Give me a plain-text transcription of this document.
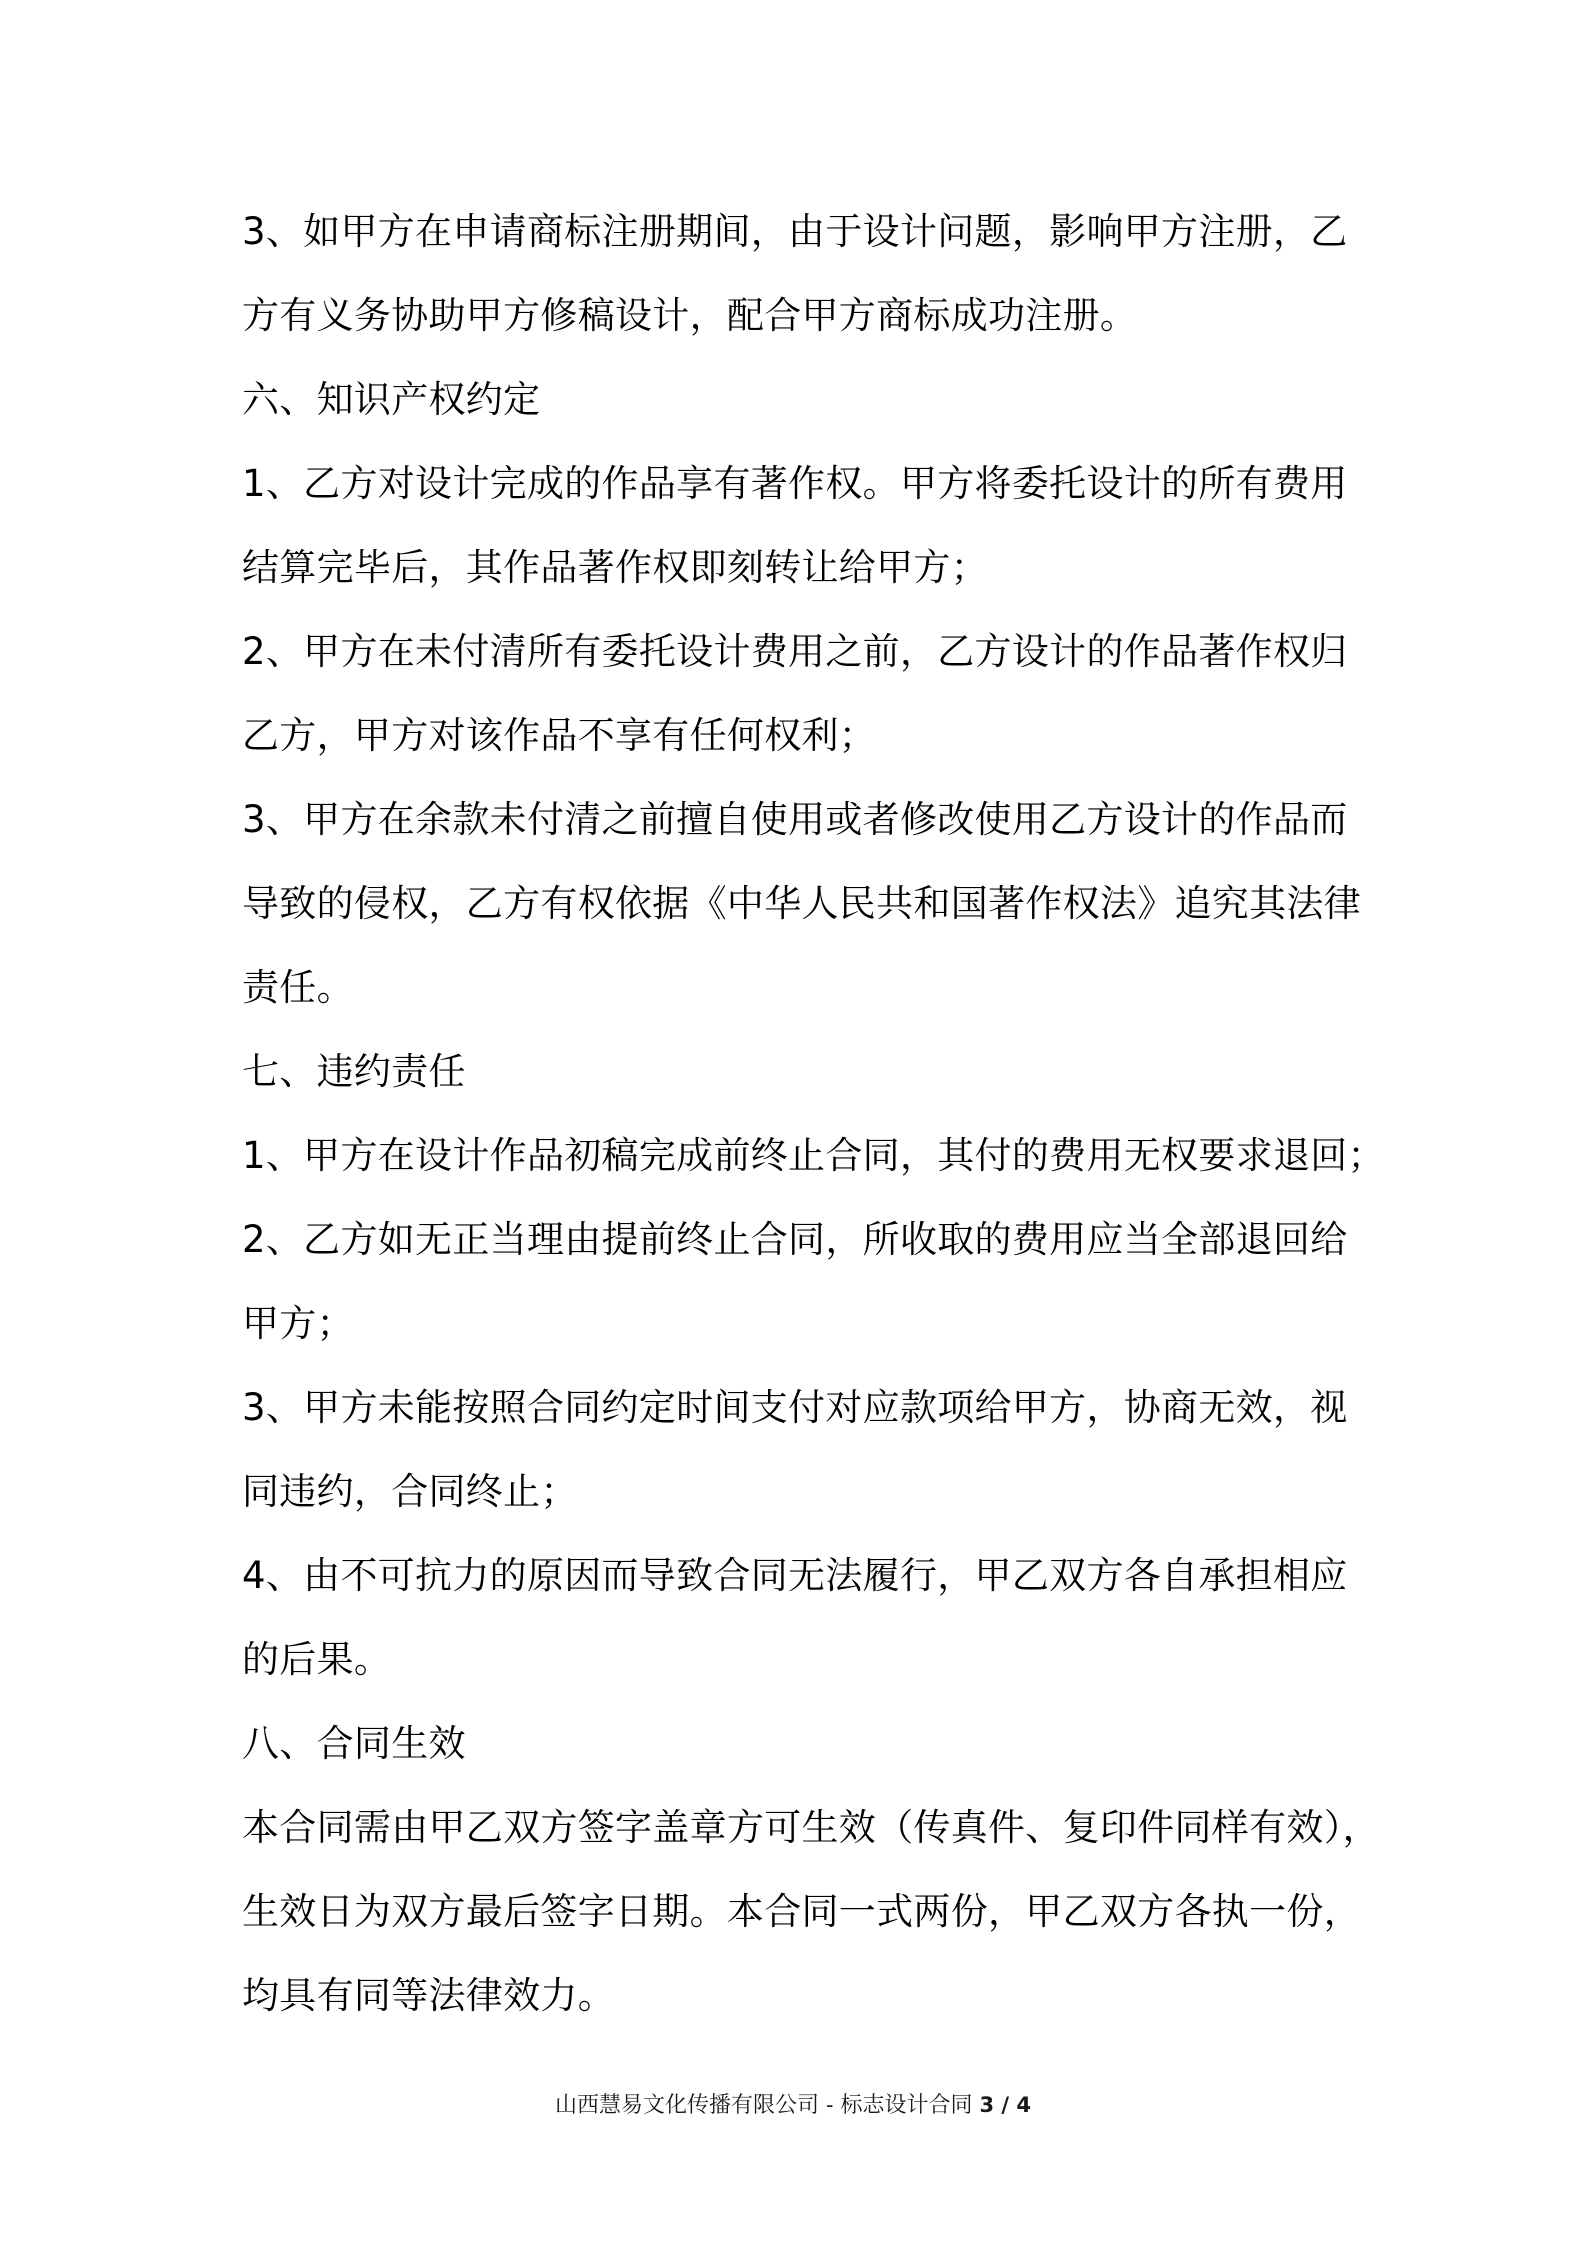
3、如甲方在申请商标注册期间，由于设计问题，影响甲方注册，乙
方有义务协助甲方修稿设计，配合甲方商标成功注册。
六、知识产权约定
1、乙方对设计完成的作品享有著作权。甲方将委托设计的所有费用
结算完毕后，其作品著作权即刻转让给甲方；
2、甲方在未付清所有委托设计费用之前，乙方设计的作品著作权归
乙方，甲方对该作品不享有任何权利；
3、甲方在余款未付清之前擅自使用或者修改使用乙方设计的作品而
导致的侵权，乙方有权依据《中华人民共和国著作权法》追究其法律
责任。
七、违约责任
1、甲方在设计作品初稿完成前终止合同，其付的费用无权要求退回；
2、乙方如无正当理由提前终止合同，所收取的费用应当全部退回给
甲方；
3、甲方未能按照合同约定时间支付对应款项给甲方，协商无效，视
同违约，合同终止；
4、由不可抗力的原因而导致合同无法履行，甲乙双方各自承担相应
的后果。
八、合同生效
本合同需由甲乙双方签字盖章方可生效（传真件、复印件同样有效），
生效日为双方最后签字日期。本合同一式两份，甲乙双方各执一份，
均具有同等法律效力。
山西慧易文化传播有限公司 - 标志设计合同 3 / 4
